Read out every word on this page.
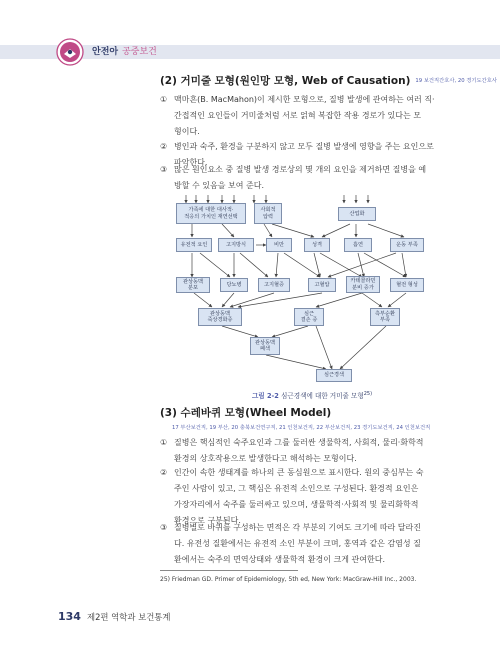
안전아 공중보건
(2) 거미줄 모형(원인망 모형, Web of Causation) 19 보건직간호사, 20 경기도간호사
① 맥마흔(B. MacMahon)이 제시한 모형으로, 질병 발생에 관여하는 여러 직·
간접적인 요인들이 거미줄처럼 서로 얽혀 복잡한 작용 경로가 있다는 모
형이다.
② 병인과 숙주, 환경을 구분하지 않고 모두 질병 발생에 영향을 주는 요인으로
파악한다.
③ 많은 원인요소 중 질병 발생 경로상의 몇 개의 요인을 제거하면 질병을 예
방할 수 있음을 보여 준다.
가족에 대한 대사적·
적응의 가치인 재연선택
사회적
압력	산업화
유전적 요인	고지방식	비만	성격	흡연	운동 부족
관상동맥
분포
당뇨병	고지혈증	고혈압
카테콜라민
분비 증가	혈전 형성
관상동맥
죽상경화증
심근
결손 증
측부순환
부족
관상동맥
폐색
심근경색
그림 2-2 심근경색에 대한 거미줄 모형$^{25)}$
(3) 수레바퀴 모형(Wheel Model)
17 부산보건직, 19 부산, 20 충북보건연구직, 21 인천보건직, 22 부산보건직, 23 경기도보건직, 24 인천보건직
① 질병은 핵심적인 숙주요인과 그를 둘러싼 생물학적, 사회적, 물리·화학적
환경의 상호작용으로 발생한다고 해석하는 모형이다.
② 인간이 속한 생태계를 하나의 큰 동심원으로 표시한다. 원의 중심부는 숙
주인 사람이 있고, 그 핵심은 유전적 소인으로 구성된다. 환경적 요인은
가장자리에서 숙주를 둘러싸고 있으며, 생물학적·사회적 및 물리화학적
환경으로 구분된다.
③ 질병별로 바퀴를 구성하는 면적은 각 부분의 기여도 크기에 따라 달라진
다. 유전성 질환에서는 유전적 소인 부분이 크며, 홍역과 같은 감염성 질
환에서는 숙주의 면역상태와 생물학적 환경이 크게 관여한다.
25) Friedman GD. Primer of Epidemiology, 5th ed, New York: MacGraw-Hill Inc., 2003.
134 제2편 역학과 보건통계
